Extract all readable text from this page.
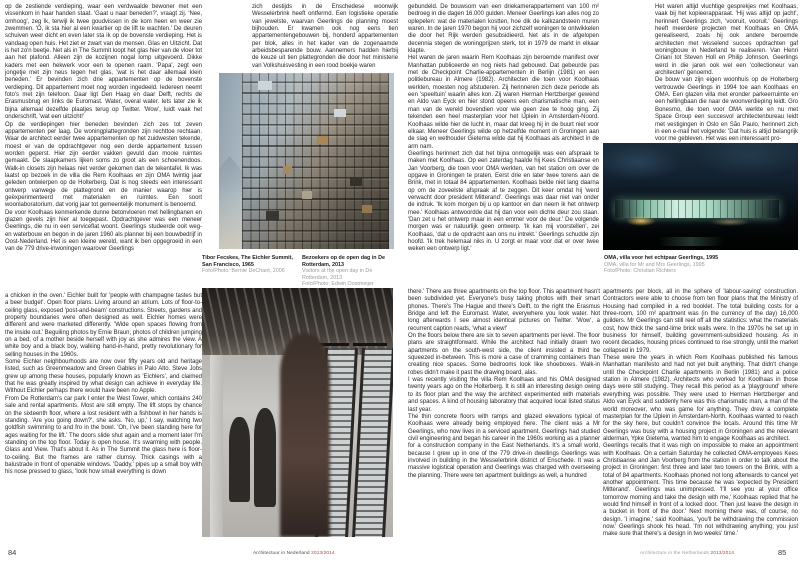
op de zestiende verdieping, waar een verdwaalde bewoner met een vissenkom in haar handen staat. 'Gaat u naar beneden?', vraagt zij. 'Nee, omhoog', zeg ik, terwijl ik twee goudvissen in de kom heen en weer zie zwemmen. 'O, ik sta hier al een kwartier op de lift te wachten.' De deuren schuiven weer dicht en even later sta ik op de bovenste verdieping. Het is vandaag open huis. Het ziet er zwart van de mensen. Glas en Uitzicht. Dat is het zo'n beetje. Net als in The Summit loopt het glas hier van de vloer tot aan het plafond. Alleen zijn de kozijnen nogal lomp uitgevoerd. Dikke kaders met een hekwerk voor een te openen raam. 'Papa', zegt een jongetje met zijn neus tegen het glas, 'wat is het daar allemaal klein beneden.' Er bevinden zich drie appartementen op de bovenste verdieping. Dit appartement moet nog worden ingedeeld. Iedereen neemt foto's met zijn telefoon. Daar ligt Den Haag en daar Delft, rechts de Erasmusbrug en links de Euromast. Water, overal water. Iets later zie ik bijna allemaal dezelfde plaatjes terug op Twitter. 'Wow', luidt vaak het onderschrift, 'wat een uitzicht!'

Op de verdiepingen hier beneden bevinden zich zes tot zeven appartementen per laag. De woningplattegronden zijn rechttoe rechtaan. Waar de architect eerder twee appartementen op het zuidwesten tekende, moest er van de opdrachtgever nog een derde appartement tussen worden geperst. Hier zijn eerder vakken gevuld dan mooie ruimtes gemaakt. De slaapkamers lijken soms zo groot als een schoenendoos. Walk-in closets zijn helaas niet verder gekomen dan de tekentafel. Ik was laatst op bezoek in de villa die Rem Koolhaas en zijn OMA twintig jaar geleden ontwierpen op de Holterberg. Dat is nog steeds een interessant ontwerp vanwege de plattegrond en de manier waarop hier is geëxperimenteerd met materialen en ruimtes. Een soort woonlaboratorium, dat vorig jaar tot gemeentelijk monument is benoemd.

De voor Koolhaas kenmerkende dunne betonvloeren met hellingbanen en glazen gevels zijn hier al toegepast. Opdrachtgever was een meneer Geerlings, die nu in een serviceflat woont. Geerlings studeerde ooit weg- en waterbouw en begon in de jaren 1960 als planner bij een bouwbedrijf in Oost-Nederland. Het is een kleine wereld, want ik ben opgegroeid in een van de 779 drive-inwoningen waarover Geerlings

zich destijds in de Enschedese woonwijk Wesselerbrink heeft ontfermd. Een logistieke operatie van jewelste, waarvan Geerlings de planning moest bijhouden. Er kwamen ook nog eens tien appartementengebouwen bij, honderd appartementen per blok, alles in het kader van de zogenaamde arbeidsbesparende bouw. Aannemers hadden hierbij de keuze uit tien plattegronden die door het ministerie van Volkshuisvesting in een rood boekje waren

Tibor Fecskes, The Eichler Summit, San Francisco, 1965

Foto/Photo: Bernie DeChant, 2006

Bezoekers op de open dag in De Rotterdam, 2013

Visitors at the open day in De Rotterdam, 2013

Foto/Photo: Edwin Oostmeijer

a chicken in the oven.' Eichler built for 'people with champagne tastes but a beer budget'. Open floor plans. Living around an atrium. Lots of floor-to-ceiling glass, exposed 'post-and-beam' constructions. Streets, gardens and property boundaries were often designed as well. Eichler homes were different and were marketed differently. 'Wide open spaces flowing from the inside out.' Beguiling photos by Ernie Braun, photos of children jumping on a bed, of a mother beside herself with joy as she admires the view. A white boy and a black boy, walking hand-in-hand, pretty revolutionary for selling houses in the 1960s.

Some Eichler neighbourhoods are now over fifty years old and heritage listed, such as Greenmeadow and Green Gables in Palo Alto. Steve Jobs grew up among these houses, popularly known as 'Eichlers', and claimed that he was greatly inspired by what design can achieve in everyday life. Without Eichler perhaps there would have been no Apple.

From De Rotterdam's car park I enter the West Tower, which contains 240 sale and rental apartments. Most are still empty. The lift stops by chance on the sixteenth floor, where a lost resident with a fishbowl in her hands is standing. 'Are you going down?', she asks. 'No, up,' I say, watching two goldfish swimming to and fro in the bowl. 'Oh, I've been standing here for ages waiting for the lift.' The doors slide shut again and a moment later I'm standing on the top floor. Today is open house. It's swarming with people. Glass and View. That's about it. As in The Summit the glass here is floor-to-ceiling. But the frames are rather clumsy. Thick casings with a balustrade in front of openable windows. 'Daddy,' pipes up a small boy with his nose pressed to glass, 'look how small everything is down

84	Architectuur in Nederland 2013/2014

gebundeld. De bouwsom van een driekamerappartement van 100 m² bedroeg in die dagen 16.000 gulden. Meneer Geerlings kan alles nog zo oplepelen: wat de materialen kostten, hoe dik de kalkzandsteen muren waren. In de jaren 1970 begon hij voor zichzelf woningen te ontwikkelen die door het Rijk werden gesubsidieerd. Net als in de afgelopen decennia stegen de woningprijzen sterk, tot in 1979 de markt in elkaar klapte.

Het waren de jaren waarin Rem Koolhaas zijn beroemde manifest over Manhattan publiceerde en nog niets had gebouwd. Dat gebeurde pas met de Checkpoint Charlie-appartementen in Berlijn (1981) en een politiebureau in Almere (1982). Architecten die toen voor Koolhaas werkten, moesten nog afstuderen. Zij herinneren zich deze periode als een 'speeltuin' waarin alles kon. Zij waren Herman Hertzberger gewend en Aldo van Eyck en hier stond opeens een charismatische man, een man van de wereld bovendien voor wie geen zee te hoog ging. Zij tekenden een heel masterplan voor het IJplein in Amsterdam-Noord. Koolhaas wilde hier de lucht in, maar dat kreeg hij in de buurt niet voor elkaar. Meneer Geerlings wilde op hetzelfde moment in Groningen aan de slag en wethouder Gietema wilde dat hij Koolhaas als architect in de arm nam.

Geerlings herinnert zich dat het bijna onmogelijk was een afspraak te maken met Koolhaas. Op een zaterdag haalde hij Kees Christiaanse en Jan Voorberg, die toen voor OMA werkten, van het station om over de opgave in Groningen te praten. Eerst drie en later twee torens aan de Brink, met in totaal 84 appartementen. Koolhaas belde niet lang daarna op om de zoveelste afspraak af te zeggen. Dit keer omdat hij 'werd verwacht door president Mitterand'. Geerlings was daar niet van onder de indruk. 'Ik kom morgen bij u op kantoor en dan neem ik het ontwerp mee.' Koolhaas antwoordde dat hij dan voor een dichte deur zou staan. 'Dan zet u het ontwerp maar in een emmer voor de deur.' De volgende morgen was er natuurlijk geen ontwerp. 'Ik kan mij voorstellen', zei Koolhaas, 'dat u de opdracht aan ons nu intrekt.' Geerlings schudde zijn hoofd. 'Ik trek helemaal niks in. U zorgt er maar voor dat er over twee weken een ontwerp ligt.'

Het waren altijd vluchtige gesprekjes met Koolhaas, vaak bij het kopieerapparaat. 'Hij was altijd op jacht', herinnert Geerlings zich, 'vooruit, vooruit.' Geerlings heeft meerdere projecten met Koolhaas en OMA gerealiseerd, zoals hij ook andere beroemde architecten met wisselend succes opdrachten gaf woningbouw in Nederland te realiseren. Van Henri Ciriani tot Steven Holl en Philip Johnson. Geerlings werd in die jaren ook wel een 'collectioneur van architecten' genoemd.

De bouw van zijn eigen woonhuis op de Holterberg vertrouwde Geerlings in 1994 toe aan Koolhaas en OMA. Een glazen villa met eronder parkeerruimte en een hellingbaan die naar de woonverdieping leidt. Gro Bonesmo, die toen voor OMA werkte en nu met Space Group een succesvol architectenbureau leidt met vestigingen in Oslo en São Paulo, herinnert zich in een e-mail het volgende: 'Dat huis is altijd belangrijk voor me gebleven. Het was een interessant pro-

OMA, villa voor het echtpaar Geerlings, 1995

OMA, villa for Mr and Mrs Geerlings, 1995

Foto/Photo: Christian Richters

there.' There are three apartments on the top floor. This apartment hasn't been subdivided yet. Everyone's busy taking photos with their smart phones. There's The Hague and there's Delft, to the right the Erasmus Bridge and left the Euromast. Water, everywhere you look water. Not long afterwards I see almost identical pictures on Twitter. 'Wow', a recurrent caption reads, 'what a view!'

On the floors below there are six to seven apartments per level. The floor plans are straightforward. While the architect had initially drawn two apartments on the south-west side, the client insisted a third be squeezed in-between. This is more a case of cramming containers than creating nice spaces. Some bedrooms look like shoeboxes. Walk-in robes didn't make it past the drawing board, alas.

I was recently visiting the villa Rem Koolhaas and his OMA designed twenty years ago on the Holterberg. It is still an interesting design owing to its floor plan and the way the architect experimented with materials and spaces. A kind of housing laboratory that acquired local listed status last year.

The thin concrete floors with ramps and glazed elevations typical of Koolhaas were already being employed here. The client was a Mr Geerlings, who now lives in a serviced apartment. Geerlings had studied civil engineering and began his career in the 1960s working as a planner for a construction company in the East Netherlands. It's a small world, because I grew up in one of the 779 drive-in dwellings Geerlings was involved in building in the Wesselerbrink district of Enschede. It was a massive logistical operation and Geerlings was charged with overseeing the planning. There were ten apartment buildings as well, a hundred

apartments per block, all in the sphere of 'labour-saving' construction. Contractors were able to choose from ten floor plans that the Ministry of Housing had compiled in a red booklet. The total building costs for a three-room, 100 m² apartment was (in the currency of the day) 16,000 guilders. Mr Geerlings can still reel off all the statistics: what the materials cost, how thick the sand-lime brick walls were. In the 1970s he set up in business for himself, building government-subsidized housing. As in recent decades, housing prices continued to rise strongly, until the market collapsed in 1979.

These were the years in which Rem Koolhaas published his famous Manhattan manifesto and had not yet built anything. That didn't change until the Checkpoint Charlie apartments in Berlin (1981) and a police station in Almere (1982). Architects who worked for Koolhaas in those days were still studying. They recall this period as a 'playground' where everything was possible. They were used to Herman Hertzberger and Aldo van Eyck and suddenly here was this charismatic man, a man of the world moreover, who was game for anything. They drew a complete masterplan for the IJplein in Amsterdam-North. Koolhaas wanted to reach for the sky here, but couldn't convince the locals. Around this time Mr Geerlings was busy with a housing project in Groningen and the relevant alderman, Ypke Gietema, wanted him to engage Koolhaas as architect.

Geerlings recalls that it was nigh on impossible to make an appointment with Koolhaas. On a certain Saturday he collected OMA-employees Kees Christiaanse and Jan Voorberg from the station in order to talk about the project in Groningen: first three and later two towers on the Brink, with a total of 84 apartments. Koolhaas phoned not long afterwards to cancel yet another appointment. This time because he was 'expected by President Mitterand'. Geerlings was unimpressed. 'I'll see you at your office tomorrow morning and take the design with me,' Koolhaas replied that he would find himself in front of a locked door. 'Then just leave the design in a bucket in front of the door.' Next morning there was, of course, no design. 'I imagine,' said Koolhaas, 'you'll be withdrawing the commission now.' Geerlings shook his head. 'I'm not withdrawing anything; you just make sure that there's a design in two weeks' time.'

Architecture in the Netherlands 2013/2014	85
